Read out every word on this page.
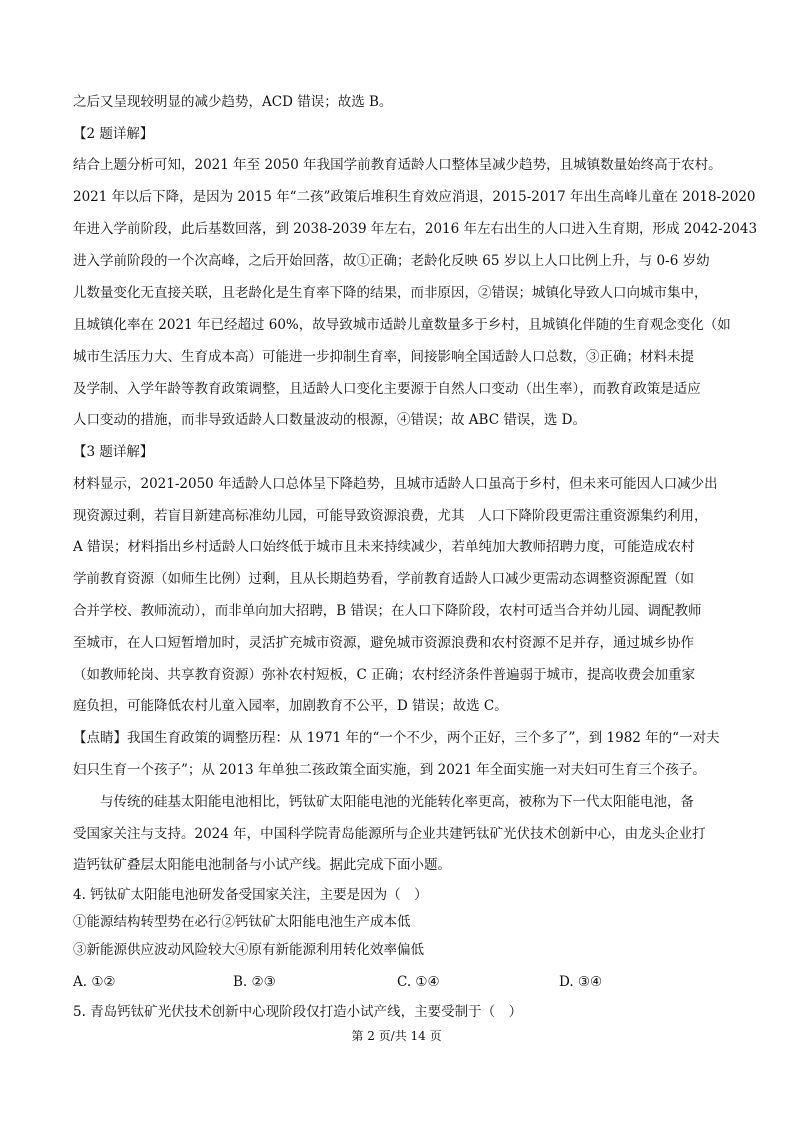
之后又呈现较明显的减少趋势，ACD 错误；故选 B。
【2 题详解】
结合上题分析可知，2021 年至 2050 年我国学前教育适龄人口整体呈减少趋势，且城镇数量始终高于农村。
2021 年以后下降，是因为 2015 年“二孩”政策后堆积生育效应消退，2015-2017 年出生高峰儿童在 2018-2020
年进入学前阶段，此后基数回落，到 2038-2039 年左右，2016 年左右出生的人口进入生育期，形成 2042-2043
进入学前阶段的一个次高峰，之后开始回落，故①正确；老龄化反映 65 岁以上人口比例上升，与 0-6 岁幼
儿数量变化无直接关联，且老龄化是生育率下降的结果，而非原因，②错误；城镇化导致人口向城市集中，
且城镇化率在 2021 年已经超过 60%，故导致城市适龄儿童数量多于乡村，且城镇化伴随的生育观念变化（如
城市生活压力大、生育成本高）可能进一步抑制生育率，间接影响全国适龄人口总数，③正确；材料未提
及学制、入学年龄等教育政策调整，且适龄人口变化主要源于自然人口变动（出生率），而教育政策是适应
人口变动的措施，而非导致适龄人口数量波动的根源，④错误；故 ABC 错误，选 D。
【3 题详解】
材料显示，2021-2050 年适龄人口总体呈下降趋势，且城市适龄人口虽高于乡村，但未来可能因人口减少出
现资源过剩，若盲目新建高标准幼儿园，可能导致资源浪费，尤其　人口下降阶段更需注重资源集约利用，
A 错误；材料指出乡村适龄人口始终低于城市且未来持续减少，若单纯加大教师招聘力度，可能造成农村
学前教育资源（如师生比例）过剩，且从长期趋势看，学前教育适龄人口减少更需动态调整资源配置（如
合并学校、教师流动），而非单向加大招聘，B 错误；在人口下降阶段，农村可适当合并幼儿园、调配教师
至城市，在人口短暂增加时，灵活扩充城市资源，避免城市资源浪费和农村资源不足并存，通过城乡协作
（如教师轮岗、共享教育资源）弥补农村短板，C 正确；农村经济条件普遍弱于城市，提高收费会加重家
庭负担，可能降低农村儿童入园率，加剧教育不公平，D 错误；故选 C。
【点睛】我国生育政策的调整历程：从 1971 年的“一个不少，两个正好，三个多了”，到 1982 年的“一对夫
妇只生育一个孩子”；从 2013 年单独二孩政策全面实施，到 2021 年全面实施一对夫妇可生育三个孩子。
　　与传统的硅基太阳能电池相比，钙钛矿太阳能电池的光能转化率更高，被称为下一代太阳能电池，备
受国家关注与支持。2024 年，中国科学院青岛能源所与企业共建钙钛矿光伏技术创新中心，由龙头企业打
造钙钛矿叠层太阳能电池制备与小试产线。据此完成下面小题。
4. 钙钛矿太阳能电池研发备受国家关注，主要是因为（　）
①能源结构转型势在必行②钙钛矿太阳能电池生产成本低
③新能源供应波动风险较大④原有新能源利用转化效率偏低
A. ①②	B. ②③	C. ①④	D. ③④
5. 青岛钙钛矿光伏技术创新中心现阶段仅打造小试产线，主要受制于（　）
第 2 页/共 14 页
